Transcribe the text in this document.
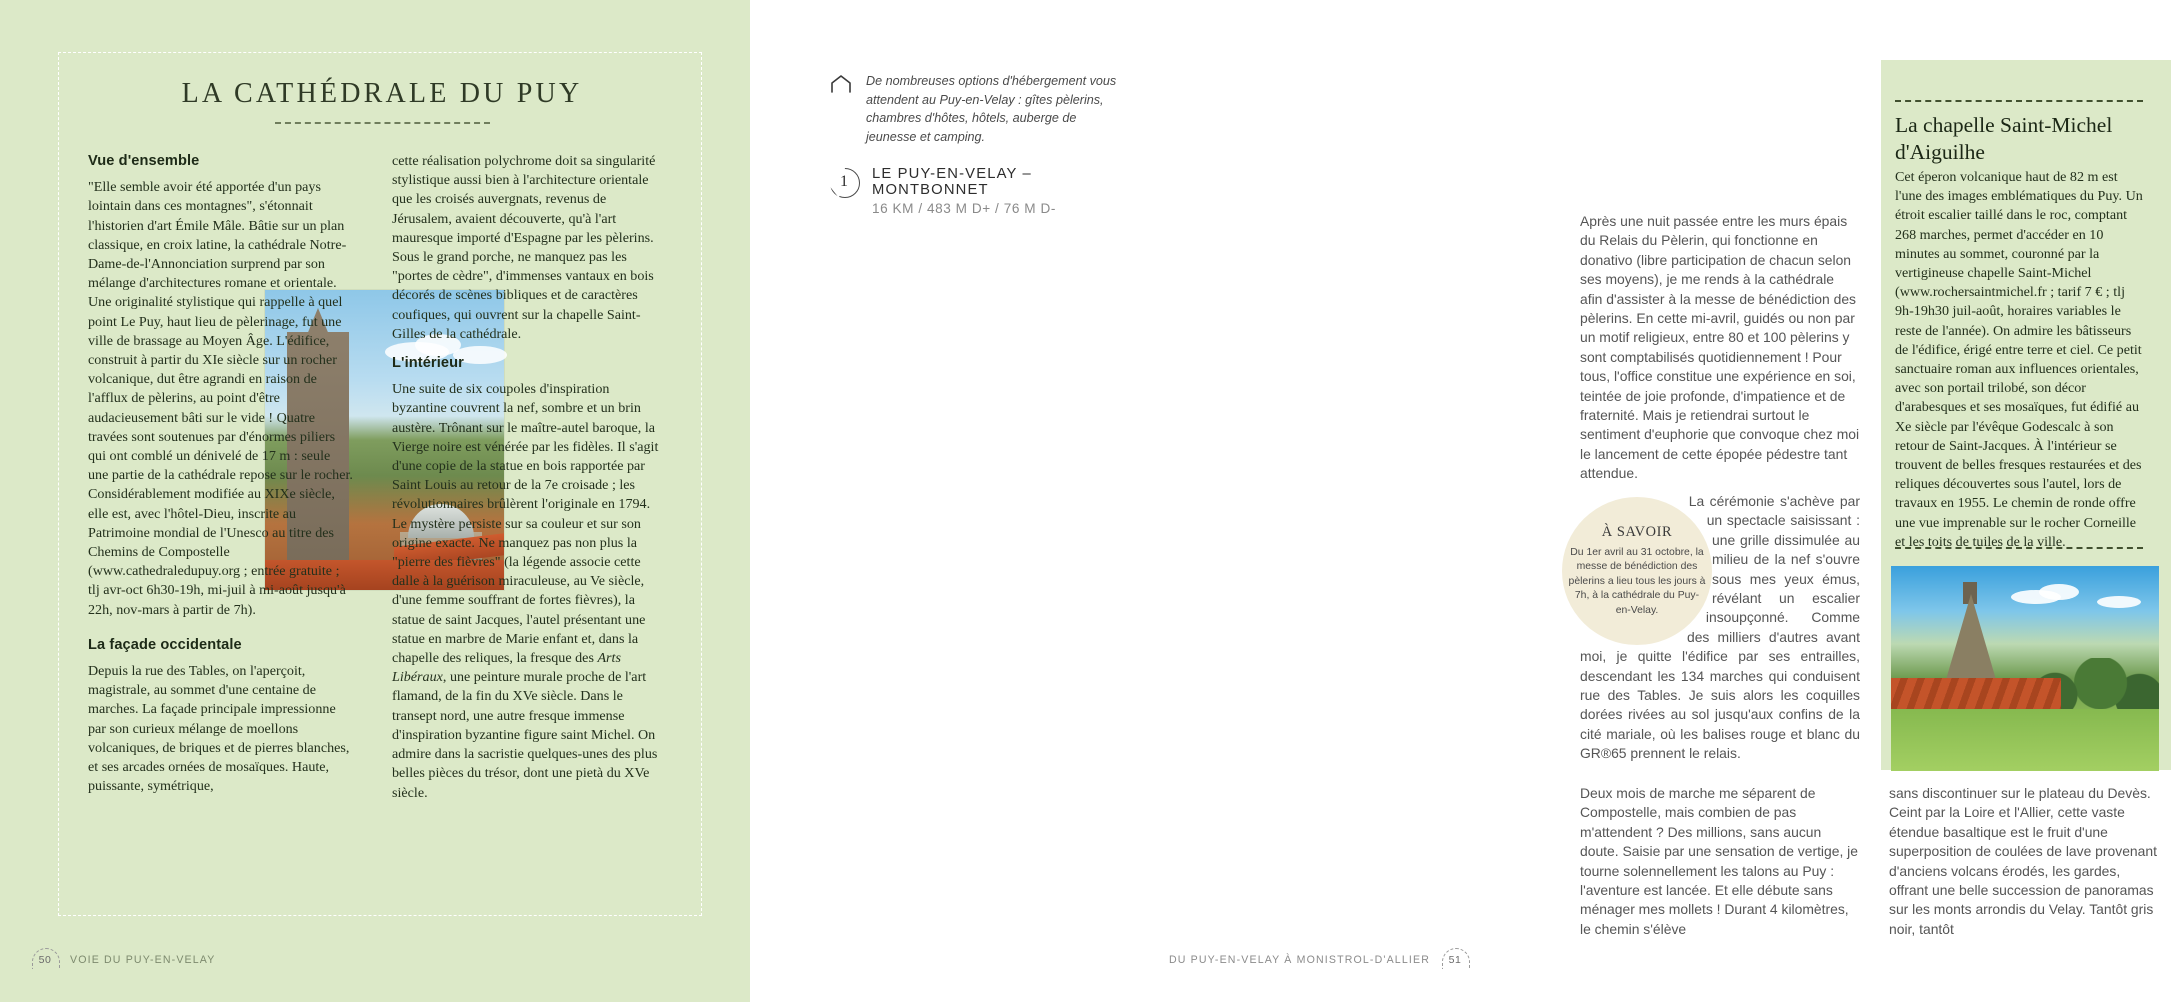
LA CATHÉDRALE DU PUY
Vue d'ensemble

"Elle semble avoir été apportée d'un pays lointain dans ces montagnes", s'étonnait l'historien d'art Émile Mâle. Bâtie sur un plan classique, en croix latine, la cathédrale Notre-Dame-de-l'Annonciation surprend par son mélange d'architectures romane et orientale. Une originalité stylistique qui rappelle à quel point Le Puy, haut lieu de pèlerinage, fut une ville de brassage au Moyen Âge. L'édifice, construit à partir du XIe siècle sur un rocher volcanique, dut être agrandi en raison de l'afflux de pèlerins, au point d'être audacieusement bâti sur le vide ! Quatre travées sont soutenues par d'énormes piliers qui ont comblé un dénivelé de 17 m : seule une partie de la cathédrale repose sur le rocher. Considérablement modifiée au XIXe siècle, elle est, avec l'hôtel-Dieu, inscrite au Patrimoine mondial de l'Unesco au titre des Chemins de Compostelle (www.cathedraledupuy.org ; entrée gratuite ; tlj avr-oct 6h30-19h, mi-juil à mi-août jusqu'à 22h, nov-mars à partir de 7h).

La façade occidentale

Depuis la rue des Tables, on l'aperçoit, magistrale, au sommet d'une centaine de marches. La façade principale impressionne par son curieux mélange de moellons volcaniques, de briques et de pierres blanches, et ses arcades ornées de mosaïques. Haute, puissante, symétrique,

cette réalisation polychrome doit sa singularité stylistique aussi bien à l'architecture orientale que les croisés auvergnats, revenus de Jérusalem, avaient découverte, qu'à l'art mauresque importé d'Espagne par les pèlerins. Sous le grand porche, ne manquez pas les "portes de cèdre", d'immenses vantaux en bois décorés de scènes bibliques et de caractères coufiques, qui ouvrent sur la chapelle Saint-Gilles de la cathédrale.

L'intérieur

Une suite de six coupoles d'inspiration byzantine couvrent la nef, sombre et un brin austère. Trônant sur le maître-autel baroque, la Vierge noire est vénérée par les fidèles. Il s'agit d'une copie de la statue en bois rapportée par Saint Louis au retour de la 7e croisade ; les révolutionnaires brûlèrent l'originale en 1794. Le mystère persiste sur sa couleur et sur son origine exacte. Ne manquez pas non plus la "pierre des fièvres" (la légende associe cette dalle à la guérison miraculeuse, au Ve siècle, d'une femme souffrant de fortes fièvres), la statue de saint Jacques, l'autel présentant une statue en marbre de Marie enfant et, dans la chapelle des reliques, la fresque des Arts Libéraux, une peinture murale proche de l'art flamand, de la fin du XVe siècle. Dans le transept nord, une autre fresque immense d'inspiration byzantine figure saint Michel. On admire dans la sacristie quelques-unes des plus belles pièces du trésor, dont une pietà du XVe siècle.

50 VOIE DU PUY-EN-VELAY
De nombreuses options d'hébergement vous attendent au Puy-en-Velay : gîtes pèlerins, chambres d'hôtes, hôtels, auberge de jeunesse et camping.
1	LE PUY-EN-VELAY – MONTBONNET
16 KM / 483 M D+ / 76 M D-

Après une nuit passée entre les murs épais du Relais du Pèlerin, qui fonctionne en donativo (libre participation de chacun selon ses moyens), je me rends à la cathédrale afin d'assister à la messe de bénédiction des pèlerins. En cette mi-avril, guidés ou non par un motif religieux, entre 80 et 100 pèlerins y sont comptabilisés quotidiennement ! Pour tous, l'office constitue une expérience en soi, teintée de joie profonde, d'impatience et de fraternité. Mais je retiendrai surtout le sentiment d'euphorie que convoque chez moi le lancement de cette épopée pédestre tant attendue.

À SAVOIR
Du 1er avril au 31 octobre, la messe de bénédiction des pèlerins a lieu tous les jours à 7h, à la cathédrale du Puy-en-Velay.

La cérémonie s'achève par un spectacle saisissant : une grille dissimulée au milieu de la nef s'ouvre sous mes yeux émus, révélant un escalier insoupçonné. Comme des milliers d'autres avant moi, je quitte l'édifice par ses entrailles, descendant les 134 marches qui conduisent rue des Tables. Je suis alors les coquilles dorées rivées au sol jusqu'aux confins de la cité mariale, où les balises rouge et blanc du GR®65 prennent le relais.

Deux mois de marche me séparent de Compostelle, mais combien de pas m'attendent ? Des millions, sans aucun doute. Saisie par une sensation de vertige, je tourne solennellement les talons au Puy : l'aventure est lancée. Et elle débute sans ménager mes mollets ! Durant 4 kilomètres, le chemin s'élève

La chapelle Saint-Michel d'Aiguilhe
Cet éperon volcanique haut de 82 m est l'une des images emblématiques du Puy. Un étroit escalier taillé dans le roc, comptant 268 marches, permet d'accéder en 10 minutes au sommet, couronné par la vertigineuse chapelle Saint-Michel (www.rochersaintmichel.fr ; tarif 7 € ; tlj 9h-19h30 juil-août, horaires variables le reste de l'année). On admire les bâtisseurs de l'édifice, érigé entre terre et ciel. Ce petit sanctuaire roman aux influences orientales, avec son portail trilobé, son décor d'arabesques et ses mosaïques, fut édifié au Xe siècle par l'évêque Godescalc à son retour de Saint-Jacques. À l'intérieur se trouvent de belles fresques restaurées et des reliques découvertes sous l'autel, lors de travaux en 1955. Le chemin de ronde offre une vue imprenable sur le rocher Corneille et les toits de tuiles de la ville.
sans discontinuer sur le plateau du Devès. Ceint par la Loire et l'Allier, cette vaste étendue basaltique est le fruit d'une superposition de coulées de lave provenant d'anciens volcans érodés, les gardes, offrant une belle succession de panoramas sur les monts arrondis du Velay. Tantôt gris noir, tantôt
DU PUY-EN-VELAY À MONISTROL-D'ALLIER 51
